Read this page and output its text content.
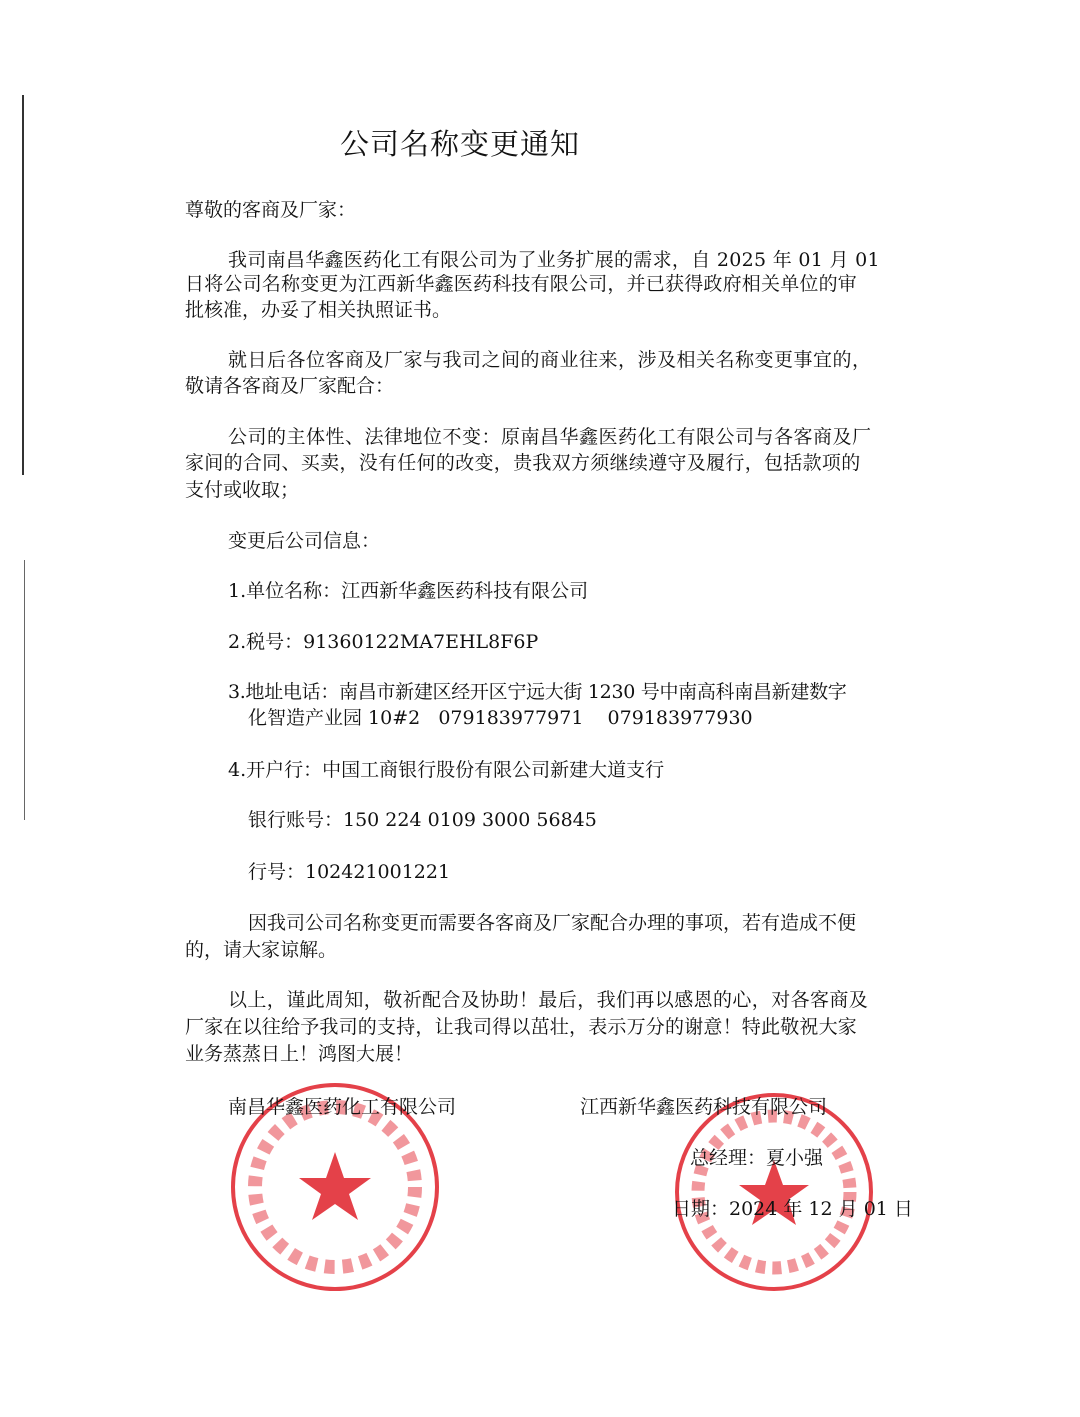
公司名称变更通知
尊敬的客商及厂家：
我司南昌华鑫医药化工有限公司为了业务扩展的需求，自 2025 年 01 月 01
日将公司名称变更为江西新华鑫医药科技有限公司，并已获得政府相关单位的审
批核准，办妥了相关执照证书。
就日后各位客商及厂家与我司之间的商业往来，涉及相关名称变更事宜的，
敬请各客商及厂家配合：
公司的主体性、法律地位不变：原南昌华鑫医药化工有限公司与各客商及厂
家间的合同、买卖，没有任何的改变，贵我双方须继续遵守及履行，包括款项的
支付或收取；
变更后公司信息：
1.单位名称：江西新华鑫医药科技有限公司
2.税号：91360122MA7EHL8F6P
3.地址电话：南昌市新建区经开区宁远大街 1230 号中南高科南昌新建数字
化智造产业园 10#2   079183977971    079183977930
4.开户行：中国工商银行股份有限公司新建大道支行
银行账号：150 224 0109 3000 56845
行号：102421001221
因我司公司名称变更而需要各客商及厂家配合办理的事项，若有造成不便
的，请大家谅解。
以上，谨此周知，敬祈配合及协助！最后，我们再以感恩的心，对各客商及
厂家在以往给予我司的支持，让我司得以茁壮，表示万分的谢意！特此敬祝大家
业务蒸蒸日上！鸿图大展！
南昌华鑫医药化工有限公司	江西新华鑫医药科技有限公司
总经理：夏小强
日期：2024 年 12 月 01 日
